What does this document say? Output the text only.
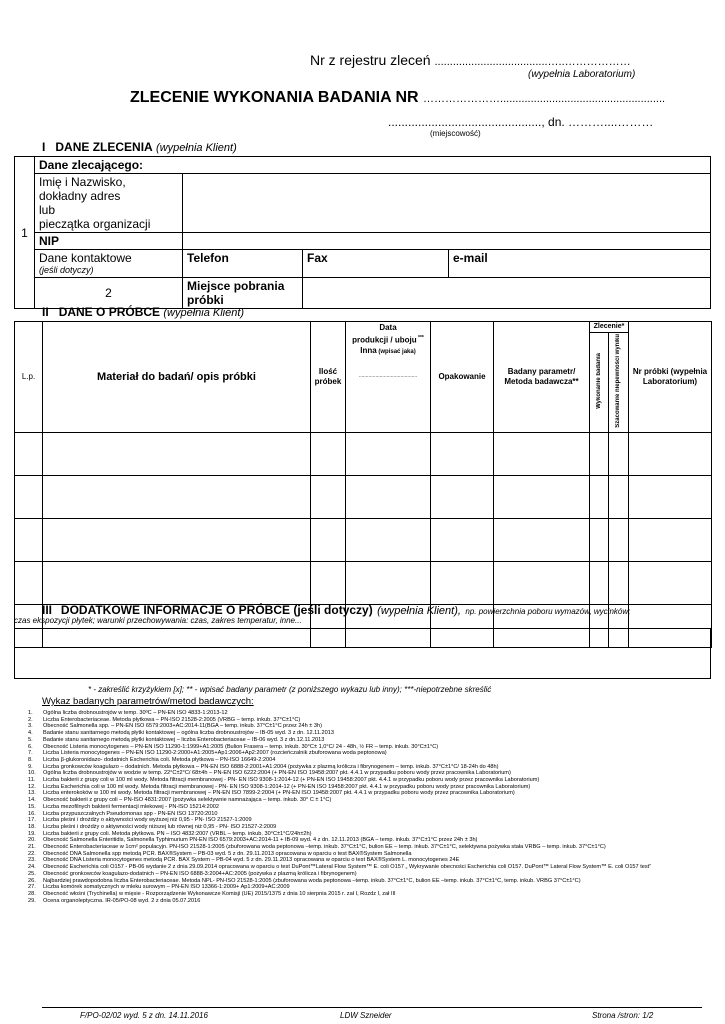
Nr z rejestru zleceń .....................................…..………………
(wypełnia Laboratorium)
ZLECENIE WYKONANIA BADANIA NR …………………......................................................
.............................................., dn. ………....………
(miejscowość)
I DANE ZLECENIA (wypełnia Klient)
1	Dane zlecającego:			
	Imię i Nazwisko,
dokładny adres
lub
pieczątka organizacji			
	NIP			

	Dane kontaktowe
(jeśli dotyczy)	Telefon	Fax	e-mail
	2	Miejsce pobrania próbki		
II DANE O PRÓBCE (wypełnia Klient)
L.p.	Materiał do badań/ opis próbki	Ilość próbek	Data
produkcji / uboju ***
Inna (wpisać jaka)
..........................................	Opakowanie	Badany parametr/ Metoda badawcza**	Zlecenie*		Nr próbki (wypełnia Laboratorium)
						Wykonanie badania	Szacowanie niepewności wyniku	

III DODATKOWE INFORMACJE O PRÓBCE (jeśli dotyczy) (wypełnia Klient), np. powierzchnia poboru wymazów, wycinków;
czas ekspozycji płytek; warunki przechowywania: czas, zakres temperatur, inne...
* - zakreślić krzyżykiem [x]; ** - wpisać badany parametr (z poniższego wykazu lub inny); ***-niepotrzebne skreślić
Wykaz badanych parametrów/metod badawczych:
1.	Ogólna liczba drobnoustrojów w temp. 30ºC – PN-EN ISO 4833-1:2013-12
2.	Liczba Enterobacteriaceae. Metoda płytkowa – PN-ISO 21528-2:2005 (VRBG – temp. inkub. 37°C±1°C)
3.	Obecność Salmonella spp. – PN-EN ISO 6579:2003+AC:2014-11(BGA – temp. inkub. 37°C±1°C przez 24h ± 3h)
4.	Badanie stanu sanitarnego metodą płytki kontaktowej – ogólna liczba drobnoustrojów – IB-05 wyd. 3 z dn. 12.11.2013
5.	Badanie stanu sanitarnego metodą płytki kontaktowej – liczba Enterobacteriaceae – IB-06 wyd. 3 z dn.12.11.2013
6.	Obecność Listeria monocytogenes – PN-EN ISO 11290-1:1999+A1:2005 (Bulion Frasera – temp. inkub. 30°C± 1,0°C/ 24 - 48h, ½ FR – temp. inkub. 30°C±1°C)
7.	Liczba Listeria monocytogenes – PN-EN ISO 11290-2:2000+A1:2005+Ap1:2006+Ap2:2007 (rozcieńczalnik zbuforowana woda peptonowa)
8.	Liczba β-glukoronidazo- dodatnich Escherichia coli. Metoda płytkowa – PN-ISO 16649-2:2004
9.	Liczba gronkowców koagulazo – dodatnich. Metoda płytkowa – PN-EN ISO 6888-2:2001+A1:2004 (pożywka z plazmą królicza i fibrynogenem – temp. inkub. 37°C±1°C/ 18-24h do 48h)
10.	Ogólna liczba drobnoustrojów w wodzie w temp. 22°C±2°C/ 68±4h – PN-EN ISO 6222:2004 (+ PN-EN ISO 19458:2007 pkt. 4.4.1 w przypadku poboru wody przez pracownika Laboratorium)
11.	Liczba bakterii z grupy coli w 100 ml wody. Metoda filtracji membranowej - PN- EN ISO 9308-1:2014-12 (+ PN-EN ISO 19458:2007 pkt. 4.4.1 w przypadku poboru wody przez pracownika Laboratorium)
12.	Liczba Escherichia coli w 100 ml wody. Metoda filtracji membranowej - PN- EN ISO 9308-1:2014-12 (+ PN-EN ISO 19458:2007 pkt. 4.4.1 w przypadku poboru wody przez pracownika Laboratorium)
13.	Liczba enterokoków w 100 ml wody. Metoda filtracji membranowej – PN-EN ISO 7899-2:2004 (+ PN-EN ISO 19458:2007 pkt. 4.4.1 w przypadku poboru wody przez pracownika Laboratorium)
14.	Obecność bakterii z grupy coli – PN-ISO 4831:2007 (pożywka selektywnie namnażająca – temp. inkub. 30° C ± 1°C)
15.	Liczba mezofilnych bakterii fermentacji mlekowej - PN-ISO 15214:2002
16.	Liczba przypuszczalnych Pseudomonas spp - PN-EN ISO 13720:2010
17.	Liczba pleśni i drożdży o aktywności wody wyższej niż 0,95 - PN- ISO 21527-1:2009
18.	Liczba pleśni i drożdży o aktywności wody niższej lub równej niż 0,95 - PN- ISO 21527-2:2009
19.	Liczba bakterii z grupy coli. Metoda płytkowa. PN – ISO 4832:2007 (VRBL – temp. inkub. 30°C±1°C/24h±2h)
20.	Obecność Salmonella Enteritidis, Salmonella Typhimurium PN-EN ISO 6579:2003+AC:2014-11 + IB-09 wyd. 4 z dn. 12.11.2013 (BGA – temp. inkub. 37°C±1°C przez 24h ± 3h)
21.	Obecność Enterobacteriaceae w 1cm² populacyjn. PN-ISO 21528-1:2005 (zbuforowana woda peptonowa –temp. inkub. 37°C±1°C, bulion EE – temp. inkub. 37°C±1°C, selektywna pożywka stała VRBG – temp. inkub. 37°C±1°C)
22.	Obecność DNA Salmonella spp metodą PCR. BAX®System – PB-03 wyd. 5 z dn. 29.11.2013 opracowana w oparciu o test BAX®System Salmonella
23.	Obecność DNA Listeria monocytogenes metodą PCR. BAX System – PB-04 wyd. 5 z dn. 29.11.2013 opracowana w oparciu o test BAX®System L. monocytogenes 24E
24.	Obecność Escherichia coli O157 - PB-06 wydanie 2 z dnia 29.09.2014 opracowana w oparciu o test DuPont™Lateral Flow System™ E. coli O157 „ Wykrywanie obecności Escherichia coli O157. DuPont™ Lateral Flow System™ E. coli O157 test”
25.	Obecność gronkowców koagulazo-dodatnich – PN-EN ISO 6888-3:2004+AC:2005 (pożywka z plazmą królicza i fibrynogenem)
26.	Najbardziej prawdopodobna liczba Enterobacteriaceae. Metoda NPL- PN-ISO 21528-1:2005 (zbuforowana woda peptonowa –temp. inkub. 37°C±1°C, bulion EE –temp. inkub. 37°C±1°C, temp. inkub. VRBG 37°C±1°C)
27.	Liczba komórek somatycznych w mleku surowym – PN-EN ISO 13366-1:2009+ Ap1:2009+AC:2009
28.	Obecność włośni (Trychinella) w mięsie - Rozporządzenie Wykonawcze Komisji (UE) 2015/1375 z dnia 10 sierpnia 2015 r. zał I, Rozdz I, zał III
29.	Ocena organoleptyczna. IR-05/PO-08 wyd. 2 z dnia 05.07.2016
F/PO-02/02 wyd. 5 z dn. 14.11.2016	LDW Szneider	Strona /stron: 1/2
